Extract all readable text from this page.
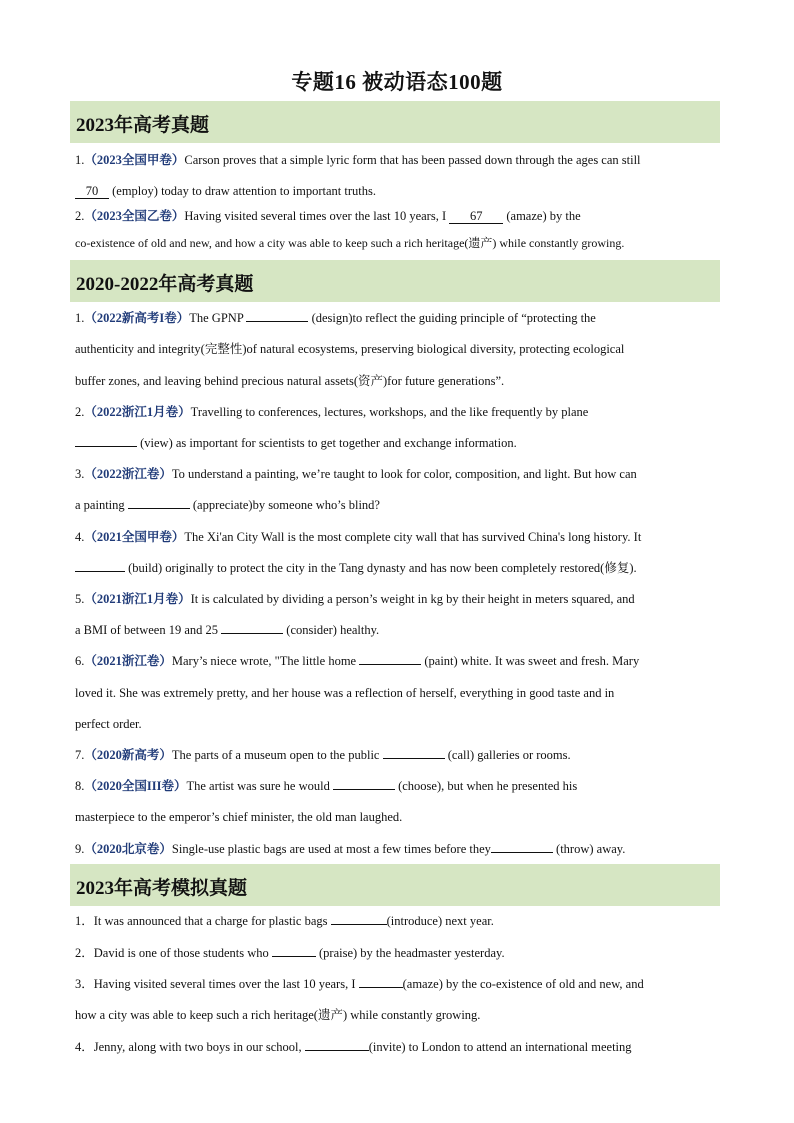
专题16 被动语态100题
2023年高考真题
1.（2023全国甲卷）Carson proves that a simple lyric form that has been passed down through the ages can still
70 (employ) today to draw attention to important truths.
2.（2023全国乙卷）Having visited several times over the last 10 years, I 67 (amaze) by the
co-existence of old and new, and how a city was able to keep such a rich heritage(遗产) while constantly growing.
2020-2022年高考真题
1.（2022新高考I卷）The GPNP	(design)to reflect the guiding principle of “protecting the
authenticity and integrity(完整性)of natural ecosystems, preserving biological diversity, protecting ecological
buffer zones, and leaving behind precious natural assets(资产)for future generations”.
2.（2022浙江1月卷）Travelling to conferences, lectures, workshops, and the like frequently by plane
(view) as important for scientists to get together and exchange information.
3.（2022浙江卷）To understand a painting, we’re taught to look for color, composition, and light. But how can
a painting	(appreciate)by someone who’s blind?
4.（2021全国甲卷）The Xi'an City Wall is the most complete city wall that has survived China's long history. It
(build) originally to protect the city in the Tang dynasty and has now been completely restored(修复).
5.（2021浙江1月卷）It is calculated by dividing a person’s weight in kg by their height in meters squared, and
a BMI of between 19 and 25	(consider) healthy.
6.（2021浙江卷）Mary’s niece wrote, "The little home	(paint) white. It was sweet and fresh. Mary
loved it. She was extremely pretty, and her house was a reflection of herself, everything in good taste and in
perfect order.
7.（2020新高考）The parts of a museum open to the public	(call) galleries or rooms.
8.（2020全国III卷）The artist was sure he would	(choose), but when he presented his
masterpiece to the emperor’s chief minister, the old man laughed.
9.（2020北京卷）Single-use plastic bags are used at most a few times before they	(throw) away.
2023年高考模拟真题
1．It was announced that a charge for plastic bags	(introduce) next year.
2．David is one of those students who	(praise) by the headmaster yesterday.
3．Having visited several times over the last 10 years, I	(amaze) by the co-existence of old and new, and
how a city was able to keep such a rich heritage(遗产) while constantly growing.
4．Jenny, along with two boys in our school,	(invite) to London to attend an international meeting
